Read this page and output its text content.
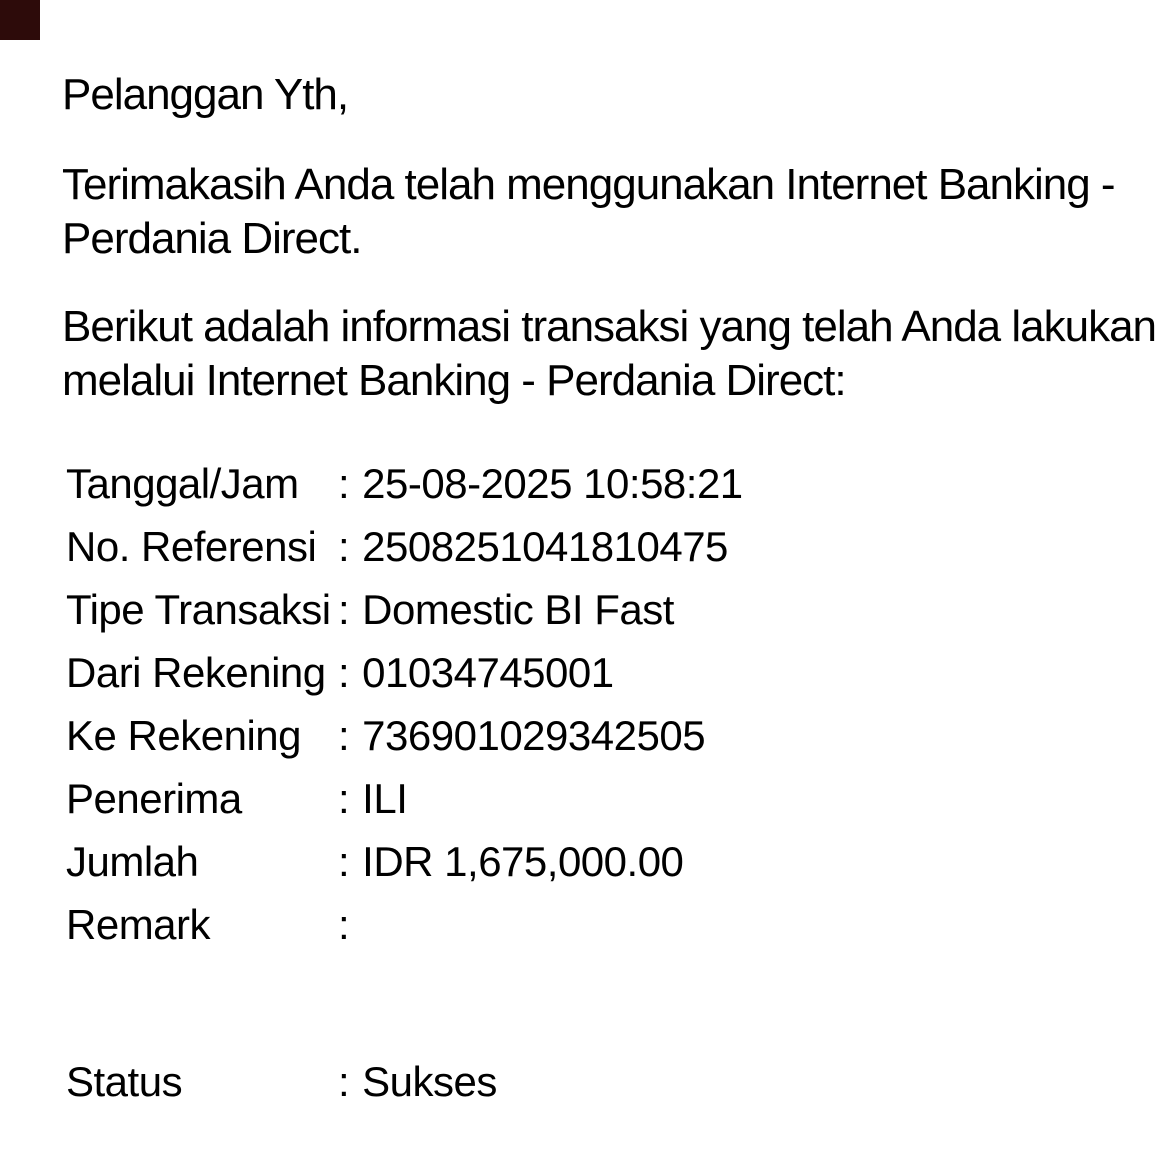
Pelanggan Yth,
Terimakasih Anda telah menggunakan Internet Banking -
Perdania Direct.
Berikut adalah informasi transaksi yang telah Anda lakukan
melalui Internet Banking - Perdania Direct:
Tanggal/Jam : 25-08-2025 10:58:21
No. Referensi : 2508251041810475
Tipe Transaksi : Domestic BI Fast
Dari Rekening : 01034745001
Ke Rekening : 736901029342505
Penerima	: ILI
Jumlah	: IDR 1,675,000.00
Remark	:
Status	: Sukses
